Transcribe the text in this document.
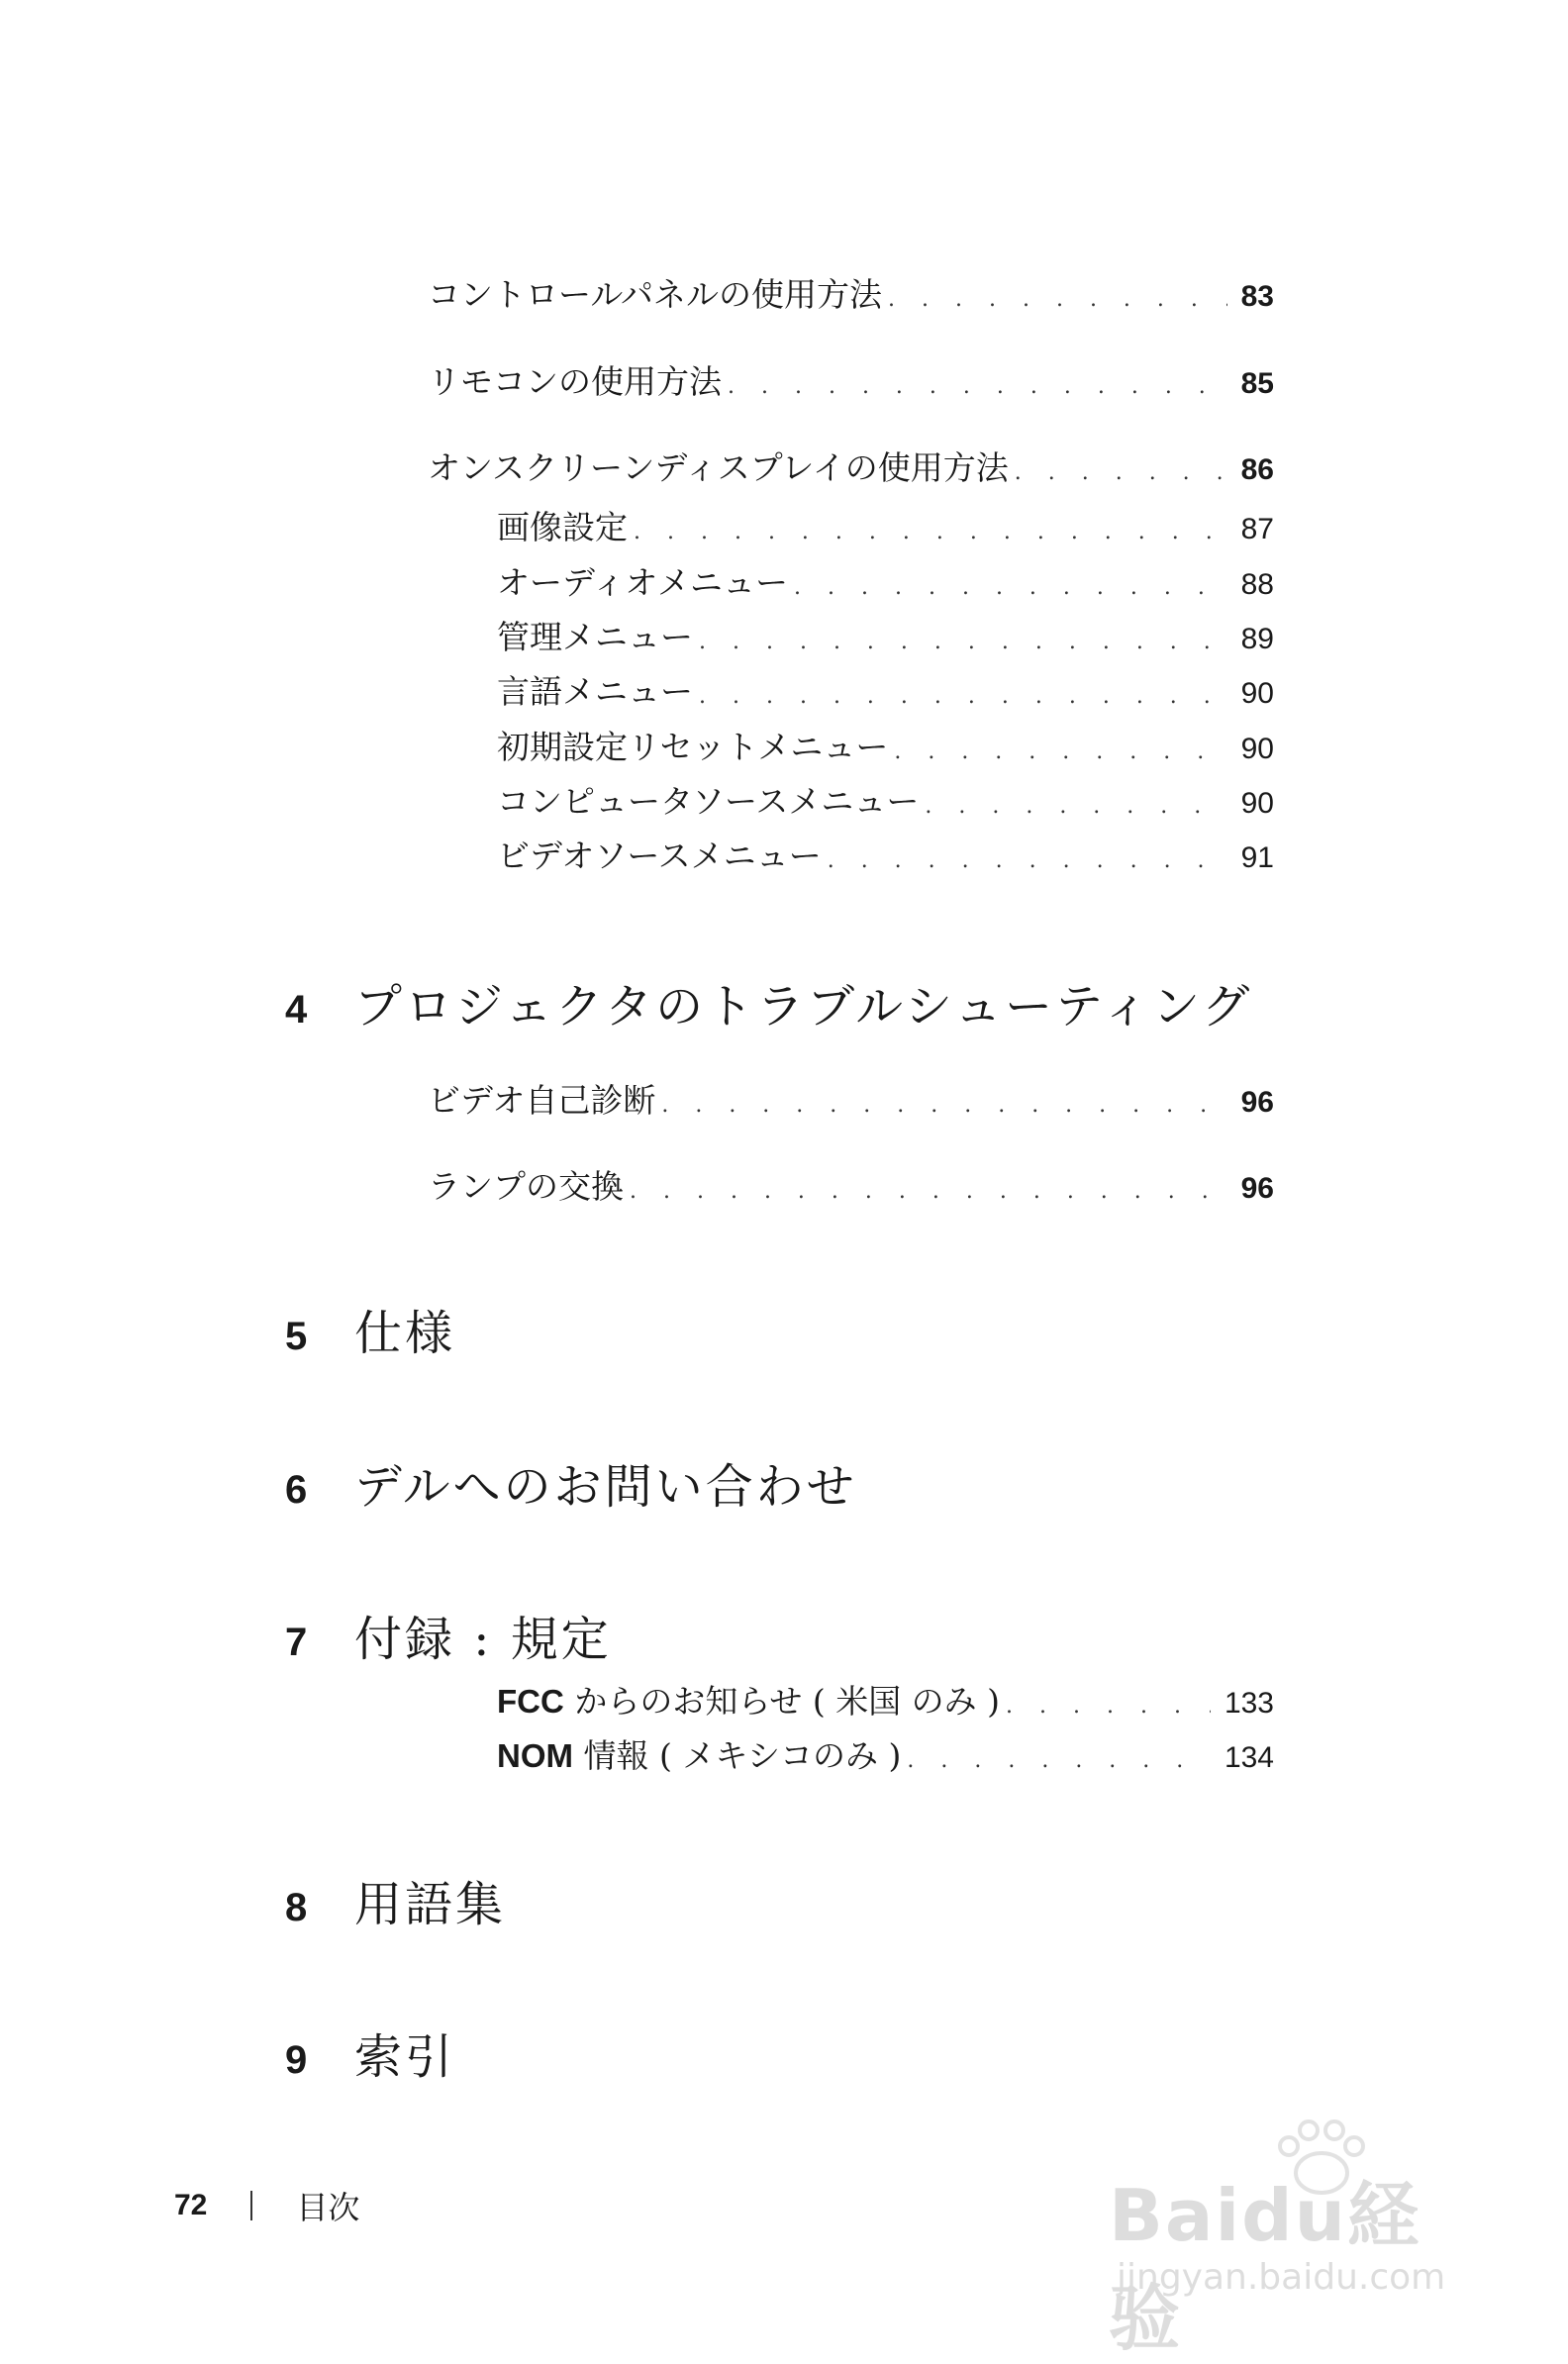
コントロールパネルの使用方法 . . .	83
リモコンの使用方法 . . .	85
オンスクリーンディスプレイの使用方法 . . .	86
画像設定 . . .	87
オーディオメニュー . . .	88
管理メニュー . . .	89
言語メニュー . . .	90
初期設定リセットメニュー . . .	90
コンピュータソースメニュー . . .	90
ビデオソースメニュー . . .	91
4 プロジェクタのトラブルシューティング
ビデオ自己診断 . . .	96
ランプの交換 . . .	96
5 仕様
6 デルへのお問い合わせ
7 付録 : 規定
FCC からのお知らせ ( 米国 のみ ) . . .	133
NOM 情報 ( メキシコのみ ) . . .	134
8 用語集
9 索引
72	目次	Baidu経验
jingyan.baidu.com
